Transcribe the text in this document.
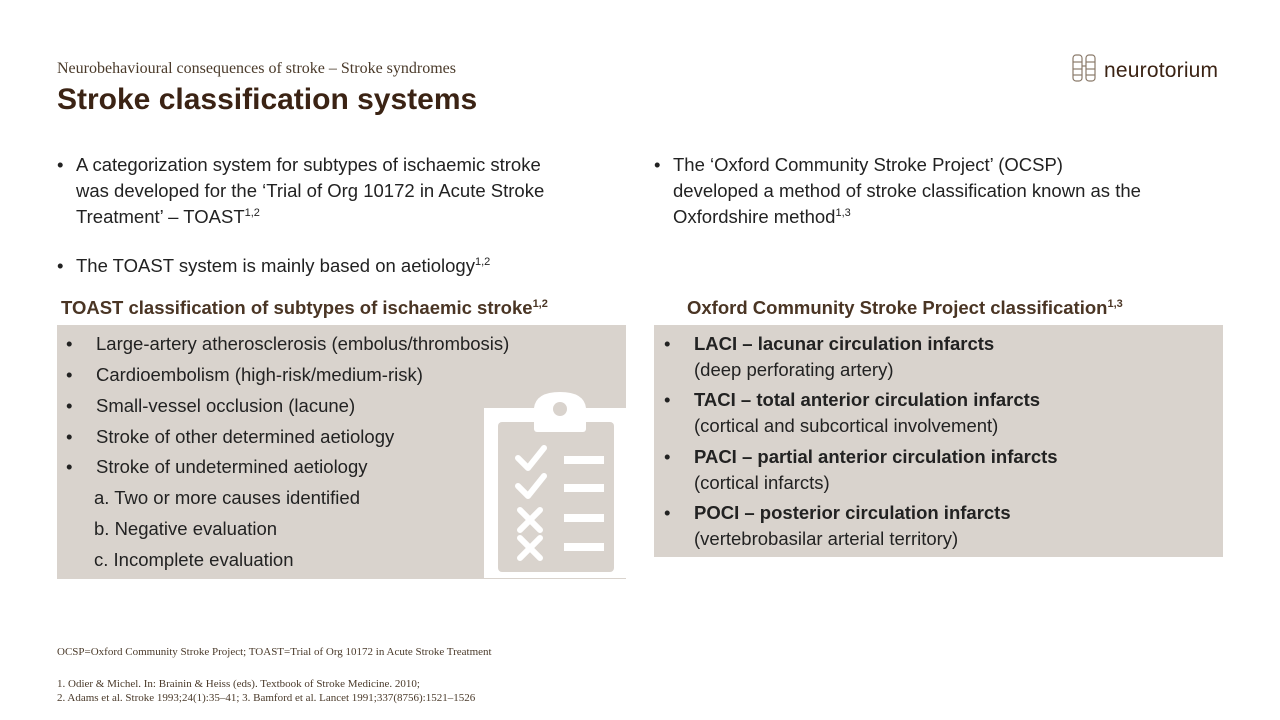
Neurobehavioural consequences of stroke – Stroke syndromes
Stroke classification systems
neurotorium
• A categorization system for subtypes of ischaemic stroke
was developed for the ‘Trial of Org 10172 in Acute Stroke
Treatment’ – TOAST$^{1,2}$
• The TOAST system is mainly based on aetiology$^{1,2}$
• The ‘Oxford Community Stroke Project’ (OCSP)
developed a method of stroke classification known as the
Oxfordshire method$^{1,3}$
TOAST classification of subtypes of ischaemic stroke$^{1,2}$
• Large-artery atherosclerosis (embolus/thrombosis)
• Cardioembolism (high-risk/medium-risk)
• Small-vessel occlusion (lacune)
• Stroke of other determined aetiology
• Stroke of undetermined aetiology
a. Two or more causes identified
b. Negative evaluation
c. Incomplete evaluation
Oxford Community Stroke Project classification$^{1,3}$
• LACI – lacunar circulation infarcts
(deep perforating artery)
• TACI – total anterior circulation infarcts
(cortical and subcortical involvement)
• PACI – partial anterior circulation infarcts
(cortical infarcts)
• POCI – posterior circulation infarcts
(vertebrobasilar arterial territory)
OCSP=Oxford Community Stroke Project; TOAST=Trial of Org 10172 in Acute Stroke Treatment
1. Odier & Michel. In: Brainin & Heiss (eds). Textbook of Stroke Medicine. 2010;
2. Adams et al. Stroke 1993;24(1):35–41; 3. Bamford et al. Lancet 1991;337(8756):1521–1526
